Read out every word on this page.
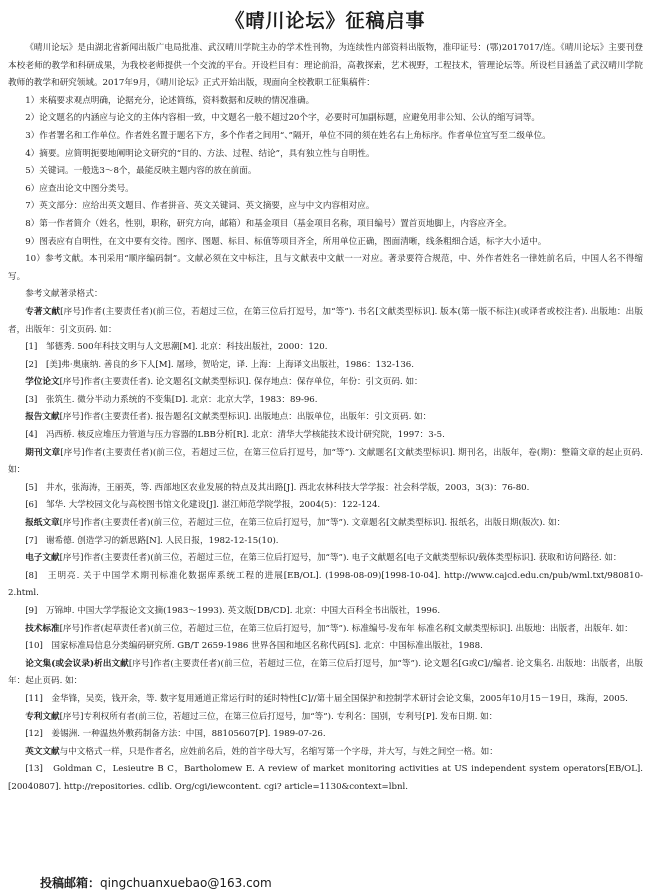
《晴川论坛》征稿启事

《晴川论坛》是由湖北省新闻出版广电局批准、武汉晴川学院主办的学术性刊物，为连续性内部资料出版物，准印证号：(鄂)2017017/连。《晴川论坛》主要刊登本校老师的教学和科研成果，为我校老师提供一个交流的平台。开设栏目有：理论前沿，高教探索，艺术视野，工程技术，管理论坛等。所设栏目涵盖了武汉晴川学院教师的教学和研究领域。2017年9月，《晴川论坛》正式开始出版，现面向全校教职工征集稿件：

1）来稿要求观点明确，论据充分，论述简练，资料数据和反映的情况准确。

2）论文题名的内涵应与论文的主体内容相一致，中文题名一般不超过20个字，必要时可加副标题，应避免用非公知、公认的缩写词等。

3）作者署名和工作单位。作者姓名置于题名下方，多个作者之间用“、”隔开，单位不同的须在姓名右上角标序。作者单位宜写至二级单位。

4）摘要。应简明扼要地阐明论文研究的“目的、方法、过程、结论”，具有独立性与自明性。

5）关键词。一般选3～8个，最能反映主题内容的放在前面。

6）应查出论文中图分类号。

7）英文部分：应给出英文题目、作者拼音、英文关键词、英文摘要，应与中文内容相对应。

8）第一作者简介（姓名，性别，职称，研究方向，邮箱）和基金项目（基金项目名称，项目编号）置首页地脚上，内容应齐全。

9）图表应有自明性，在文中要有交待。图序、图题、标目、标值等项目齐全，所用单位正确，图面清晰，线条粗细合适，标字大小适中。

10）参考文献。本刊采用“顺序编码制”。文献必须在文中标注，且与文献表中文献一一对应。著录要符合规范，中、外作者姓名一律姓前名后，中国人名不得缩写。

参考文献著录格式：

专著文献[序号]作者(主要责任者)(前三位，若超过三位，在第三位后打逗号，加“等”). 书名[文献类型标识]. 版本(第一版不标注)(或译者或校注者). 出版地：出版者，出版年：引文页码. 如：

[1]　邹德秀. 500年科技文明与人文思潮[M]. 北京：科技出版社，2000：120.

[2]　[美]弗·奥康纳. 善良的乡下人[M]. 屠珍，贺哈定，译. 上海：上海译文出版社，1986：132-136.

学位论文[序号]作者(主要责任者). 论文题名[文献类型标识]. 保存地点：保存单位，年份：引文页码. 如：

[3]　张筑生. 微分半动力系统的不变集[D]. 北京：北京大学，1983：89-96.

报告文献[序号]作者(主要责任者). 报告题名[文献类型标识]. 出版地点：出版单位，出版年：引文页码. 如：

[4]　冯西桥. 核反应堆压力管道与压力容器的LBB分析[R]. 北京：清华大学核能技术设计研究院，1997：3-5.

期刊文章[序号]作者(主要责任者)(前三位，若超过三位，在第三位后打逗号，加“等”). 文献题名[文献类型标识]. 期刊名，出版年，卷(期)：整篇文章的起止页码. 如：

[5]　井水，张海涛，王丽英，等. 西部地区农业发展的特点及其出路[J]. 西北农林科技大学学报：社会科学版，2003，3(3)：76-80.

[6]　邹华. 大学校园文化与高校图书馆文化建设[J]. 湛江师范学院学报，2004(5)：122-124.

报纸文章[序号]作者(主要责任者)(前三位，若超过三位，在第三位后打逗号，加“等”). 文章题名[文献类型标识]. 报纸名，出版日期(版次). 如：

[7]　谢希德. 创造学习的新思路[N]. 人民日报，1982-12-15(10).

电子文献[序号]作者(主要责任者)(前三位，若超过三位，在第三位后打逗号，加“等”). 电子文献题名[电子文献类型标识/载体类型标识]. 获取和访问路径. 如：

[8]　王明亮. 关于中国学术期刊标准化数据库系统工程的进展[EB/OL]. (1998-08-09)[1998-10-04]. http://www.cajcd.edu.cn/pub/wml.txt/980810-2.html.

[9]　万锦坤. 中国大学学报论文文摘(1983～1993). 英文版[DB/CD]. 北京：中国大百科全书出版社，1996.

技术标准[序号]作者(起草责任者)(前三位，若超过三位，在第三位后打逗号，加“等”). 标准编号-发布年 标准名称[文献类型标识]. 出版地：出版者，出版年. 如：

[10]　国家标准局信息分类编码研究所. GB/T 2659-1986 世界各国和地区名称代码[S]. 北京：中国标准出版社，1988.

论文集(或会议录)析出文献[序号]作者(主要责任者)(前三位，若超过三位，在第三位后打逗号，加“等”). 论文题名[G或C]//编者. 论文集名. 出版地：出版者，出版年：起止页码. 如：

[11]　金华锋，吴奕，钱开余，等. 数字复用通道正常运行时的延时特性[C]//第十届全国保护和控制学术研讨会论文集，2005年10月15－19日，珠海，2005.

专利文献[序号]专利权所有者(前三位，若超过三位，在第三位后打逗号，加“等”). 专利名：国别，专利号[P]. 发布日期. 如：

[12]　姜锡洲. 一种温热外敷药制备方法：中国，88105607[P]. 1989-07-26.

英文文献与中文格式一样，只是作者名，应姓前名后，姓的首字母大写，名缩写第一个字母，并大写，与姓之间空一格。如：

[13]　Goldman C，Lesieutre B C，Bartholomew E. A review of market monitoring activities at US independent system operators[EB/OL]. [20040807]. http://repositories. cdlib. Org/cgi/iewcontent. cgi? article=1130&context=lbnl.

投稿邮箱：qingchuanxuebao@163.com
